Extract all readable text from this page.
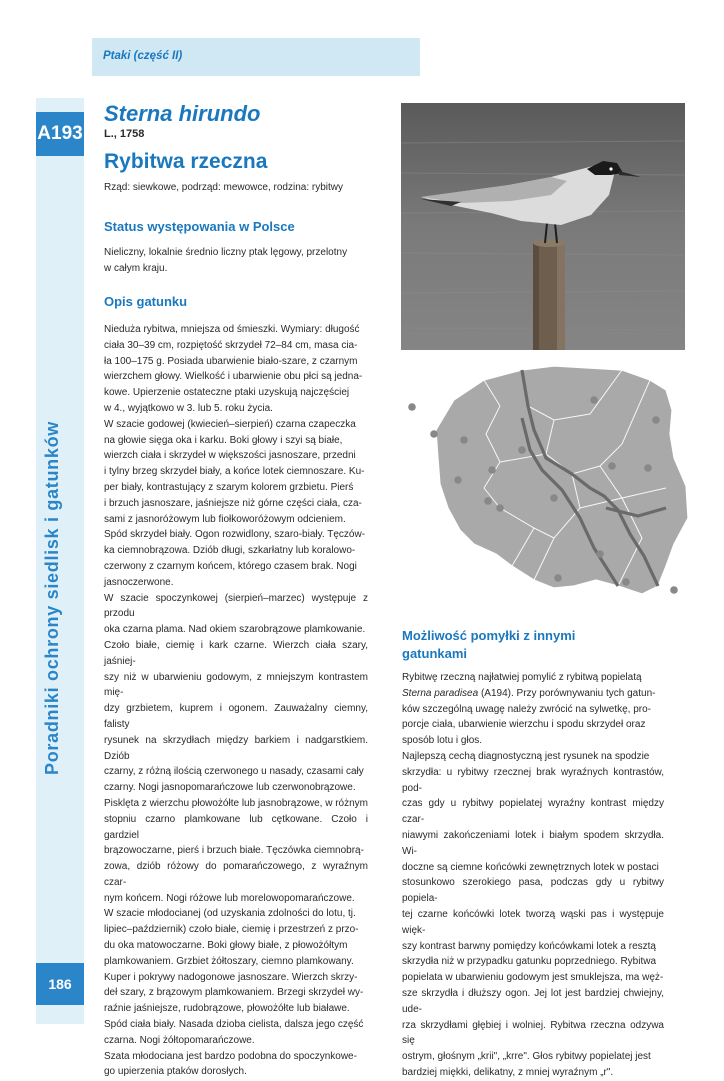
Ptaki (część II)
A193
Poradniki ochrony siedlisk i gatunków
186
Sterna hirundo
L., 1758
Rybitwa rzeczna
Rząd: siewkowe, podrząd: mewowce, rodzina: rybitwy
Status występowania w Polsce

Nieliczny, lokalnie średnio liczny ptak lęgowy, przelotny

w całym kraju.

Opis gatunku

Niedużа rybitwa, mniejsza od śmieszki. Wymiary: długość

ciała 30–39 cm, rozpiętość skrzydeł 72–84 cm, masa cia-

ła 100–175 g. Posiada ubarwienie biało-szare, z czarnym

wierzchem głowy. Wielkość i ubarwienie obu płci są jedna-

kowe. Upierzenie ostateczne ptaki uzyskują najczęściej

w 4., wyjątkowo w 3. lub 5. roku życia.

W szacie godowej (kwiecień–sierpień) czarna czapeczka

na głowie sięga oka i karku. Boki głowy i szyi są białe,

wierzch ciała i skrzydeł w większości jasnoszare, przedni

i tylny brzeg skrzydeł biały, a końce lotek ciemnoszare. Ku-

per biały, kontrastujący z szarym kolorem grzbietu. Pierś

i brzuch jasnoszare, jaśniejsze niż górne części ciała, cza-

sami z jasnoróżowym lub fiołkoworóżowym odcieniem.

Spód skrzydeł biały. Ogon rozwidlony, szaro-biały. Tęczów-

ka ciemnobrązowa. Dziób długi, szkarłatny lub koralowo-

czerwony z czarnym końcem, którego czasem brak. Nogi

jasnoczerwone.

W szacie spoczynkowej (sierpień–marzec) występuje z przodu

oka czarna plama. Nad okiem szarobrązowe plamkowanie.

Czoło białe, ciemię i kark czarne. Wierzch ciała szary, jaśniej-

szy niż w ubarwieniu godowym, z mniejszym kontrastem mię-

dzy grzbietem, kuprem i ogonem. Zauważalny ciemny, falisty

rysunek na skrzydłach między barkiem i nadgarstkiem. Dziób

czarny, z różną ilością czerwonego u nasady, czasami cały

czarny. Nogi jasnopomarańczowe lub czerwonobrązowe.

Pisklęta z wierzchu płowożółte lub jasnobrązowe, w różnym

stopniu czarno plamkowane lub cętkowane. Czoło i gardziel

brązowoczarne, pierś i brzuch białe. Tęczówka ciemnobrą-

zowa, dziób różowy do pomarańczowego, z wyraźnym czar-

nym końcem. Nogi różowe lub morelowopomarańczowe.

W szacie młodocianej (od uzyskania zdolności do lotu, tj.

lipiec–październik) czoło białe, ciemię i przestrzeń z przo-

du oka matowoczarne. Boki głowy białe, z płowożółtym

plamkowaniem. Grzbiet żółtoszary, ciemno plamkowany.

Kuper i pokrywy nadogonowe jasnoszare. Wierzch skrzy-

deł szary, z brązowym plamkowaniem. Brzegi skrzydeł wy-

raźnie jaśniejsze, rudobrązowe, płowożółte lub białawe.

Spód ciała biały. Nasada dzioba cielista, dalsza jego część

czarna. Nogi żółtopomarańczowe.

Szata młodociana jest bardzo podobna do spoczynkowe-

go upierzenia ptaków dorosłych.

Możliwość pomyłki z innymi
gatunkami

Rybitwę rzeczną najłatwiej pomylić z rybitwą popielatą

Sterna paradisea (A194). Przy porównywaniu tych gatun-

ków szczególną uwagę należy zwrócić na sylwetkę, pro-

porcje ciała, ubarwienie wierzchu i spodu skrzydeł oraz

sposób lotu i głos.

Najlepszą cechą diagnostyczną jest rysunek na spodzie

skrzydła: u rybitwy rzecznej brak wyraźnych kontrastów, pod-

czas gdy u rybitwy popielatej wyraźny kontrast między czar-

niawymi zakończeniami lotek i białym spodem skrzydła. Wi-

doczne są ciemne końcówki zewnętrznych lotek w postaci

stosunkowo szerokiego pasa, podczas gdy u rybitwy popiela-

tej czarne końcówki lotek tworzą wąski pas i występuje więk-

szy kontrast barwny pomiędzy końcówkami lotek a resztą

skrzydła niż w przypadku gatunku poprzedniego. Rybitwa

popielata w ubarwieniu godowym jest smuklejsza, ma węż-

sze skrzydła i dłuższy ogon. Jej lot jest bardziej chwiejny, ude-

rza skrzydłami głębiej i wolniej. Rybitwa rzeczna odzywa się

ostrym, głośnym „krii", „krre". Głos rybitwy popielatej jest

bardziej miękki, delikatny, z mniej wyraźnym „r".
